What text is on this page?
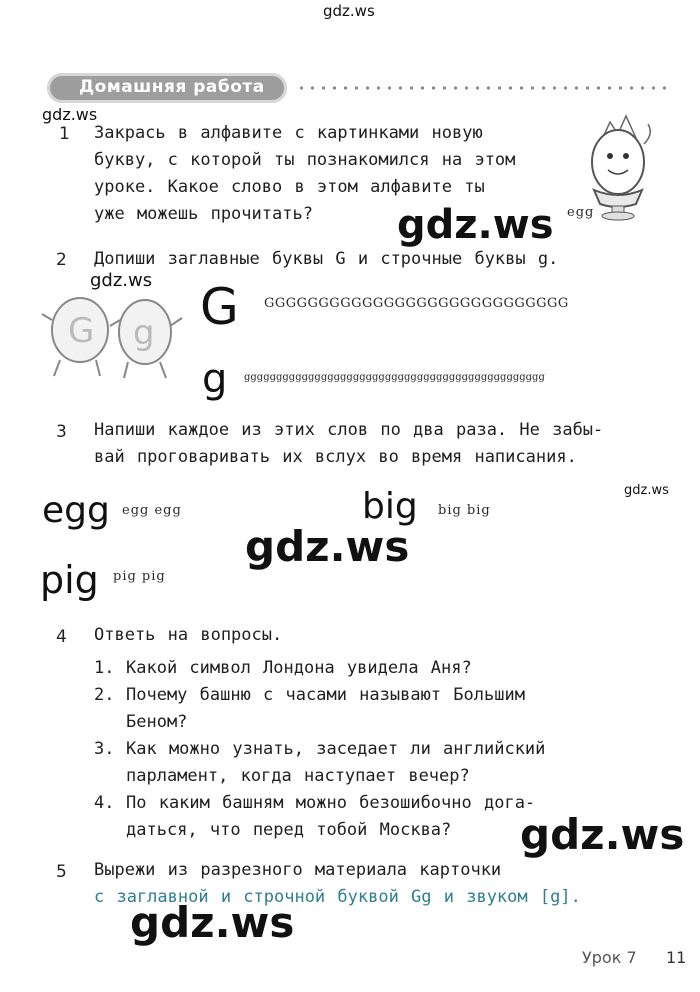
gdz.ws
Домашняя работа
gdz.ws
1 Закрась в алфавите с картинками новую
букву, с которой ты познакомился на этом
уроке. Какое слово в этом алфавите ты
уже можешь прочитать?	egg
gdz.ws
2 Допиши заглавные буквы G и строчные буквы g.
gdz.ws
G g G GGGGGGGGGGGGGGGGGGGGGGGGGGGG
g ggggggggggggggggggggggggggggggggggggggggggggggg
3 Напиши каждое из этих слов по два раза. Не забы-
вай проговаривать их вслух во время написания.
gdz.ws
egg egg egg	big big big
gdz.ws
pig pig pig
4 Ответь на вопросы.
1. Какой символ Лондона увидела Аня?
2. Почему башню с часами называют Большим
Беном?
3. Как можно узнать, заседает ли английский
парламент, когда наступает вечер?
4. По каким башням можно безошибочно дога-
даться, что перед тобой Москва?	gdz.ws
5 Вырежи из разрезного материала карточки
с заглавной и строчной буквой Gg и звуком [g].
gdz.ws
Урок 7 11
